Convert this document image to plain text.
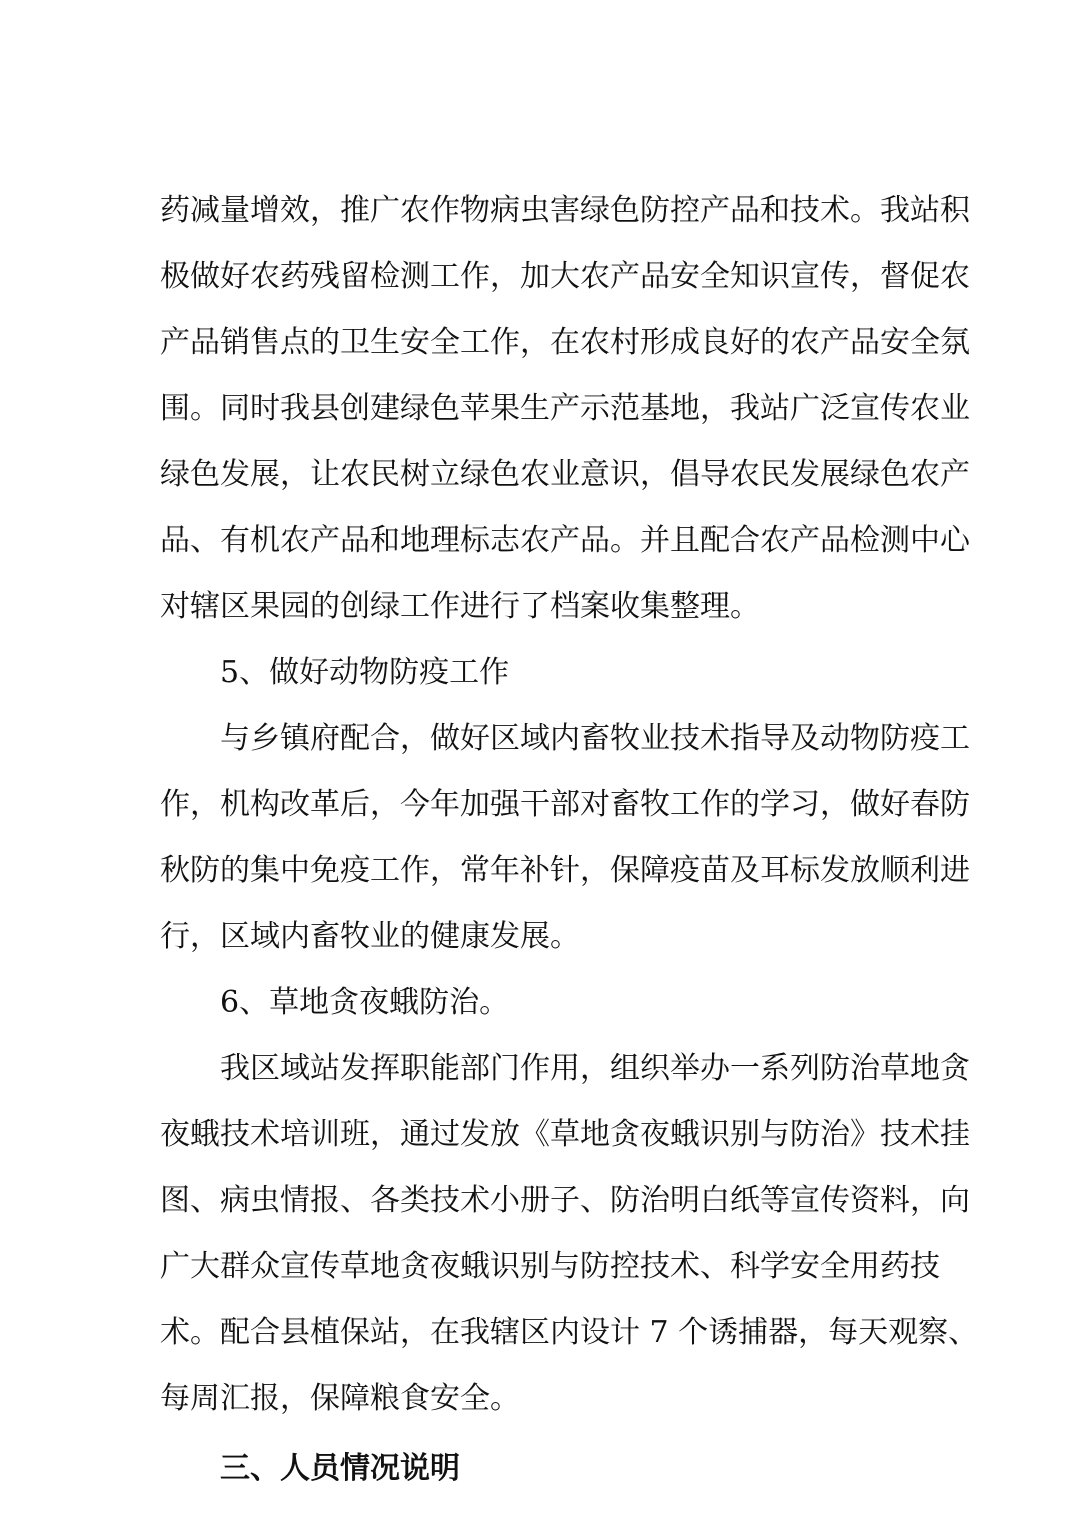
药减量增效，推广农作物病虫害绿色防控产品和技术。我站积
极做好农药残留检测工作，加大农产品安全知识宣传，督促农
产品销售点的卫生安全工作，在农村形成良好的农产品安全氛
围。同时我县创建绿色苹果生产示范基地，我站广泛宣传农业
绿色发展，让农民树立绿色农业意识，倡导农民发展绿色农产
品、有机农产品和地理标志农产品。并且配合农产品检测中心
对辖区果园的创绿工作进行了档案收集整理。
5、做好动物防疫工作
与乡镇府配合，做好区域内畜牧业技术指导及动物防疫工
作，机构改革后，今年加强干部对畜牧工作的学习，做好春防
秋防的集中免疫工作，常年补针，保障疫苗及耳标发放顺利进
行，区域内畜牧业的健康发展。
6、草地贪夜蛾防治。
我区域站发挥职能部门作用，组织举办一系列防治草地贪
夜蛾技术培训班，通过发放《草地贪夜蛾识别与防治》技术挂
图、病虫情报、各类技术小册子、防治明白纸等宣传资料，向
广大群众宣传草地贪夜蛾识别与防控技术、科学安全用药技
术。配合县植保站，在我辖区内设计 7 个诱捕器，每天观察、
每周汇报，保障粮食安全。
三、人员情况说明
